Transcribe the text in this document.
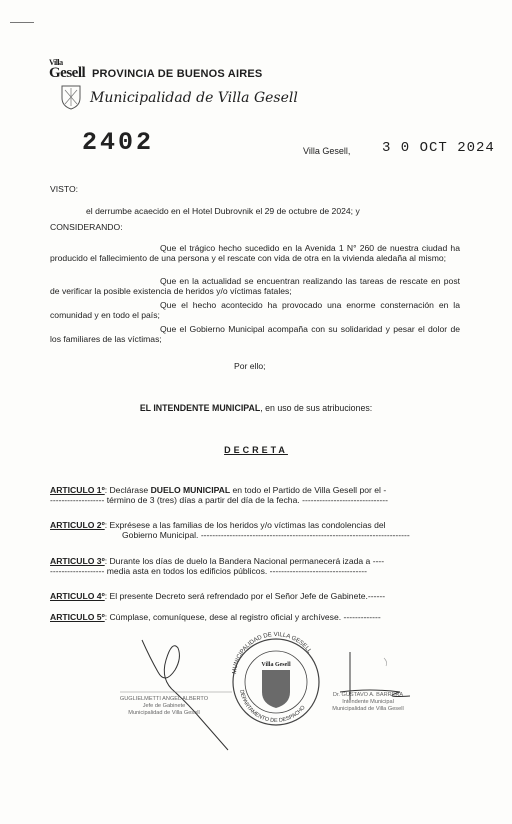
Villa
Gesell PROVINCIA DE BUENOS AIRES
Municipalidad de Villa Gesell
2402	Villa Gesell, 3 0 OCT 2024
VISTO:
el derrumbe acaecido en el Hotel Dubrovnik el 29 de octubre de 2024; y
CONSIDERANDO:
Que el trágico hecho sucedido en la Avenida 1 N° 260 de nuestra ciudad ha producido el fallecimiento de una persona y el rescate con vida de otra en la vivienda aledaña al mismo;
Que en la actualidad se encuentran realizando las tareas de rescate en post de verificar la posible existencia de heridos y/o víctimas fatales;
Que el hecho acontecido ha provocado una enorme consternación en la comunidad y en todo el país;
Que el Gobierno Municipal acompaña con su solidaridad y pesar el dolor de los familiares de las víctimas;
Por ello;
EL INTENDENTE MUNICIPAL, en uso de sus atribuciones:
DECRETA
ARTICULO 1º: Declárase DUELO MUNICIPAL en todo el Partido de Villa Gesell por el -
------------------- término de 3 (tres) días a partir del día de la fecha. ------------------------------
ARTICULO 2º: Exprésese a las familias de los heridos y/o víctimas las condolencias del
Gobierno Municipal. -------------------------------------------------------------------------
ARTICULO 3º: Durante los días de duelo la Bandera Nacional permanecerá izada a ----
------------------- media asta en todos los edificios públicos. ----------------------------------
ARTICULO 4º: El presente Decreto será refrendado por el Señor Jefe de Gabinete.------
ARTICULO 5º: Cúmplase, comuníquese, dese al registro oficial y archívese. -------------
MUNICIPALIDAD DE VILLA GESELL
DEPARTAMENTO DE DESPACHO
Villa Gesell
GUGLIELMETTI ANGEL ALBERTO
Jefe de Gabinete
Municipalidad de Villa Gesell
Dr. GUSTAVO A. BARRERA
Intendente Municipal
Municipalidad de Villa Gesell
